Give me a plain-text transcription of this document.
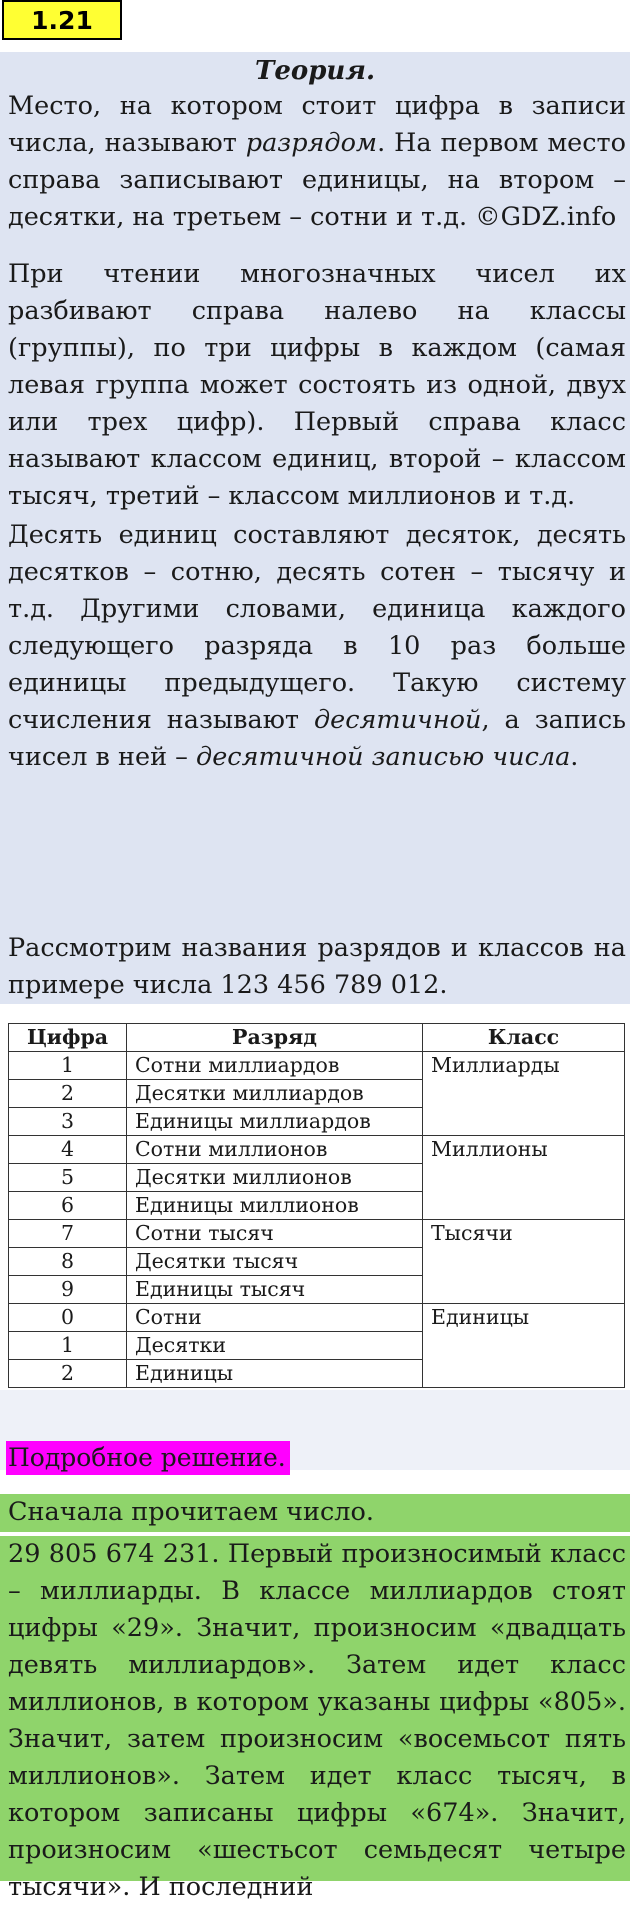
1.21
Теория.

Место, на котором стоит цифра в записи числа, называют разрядом. На первом место справа записывают единицы, на втором – десятки, на третьем – сотни и т.д. ©GDZ.info

При чтении многозначных чисел их разбивают справа налево на классы (группы), по три цифры в каждом (самая левая группа может состоять из одной, двух или трех цифр). Первый справа класс называют классом единиц, второй – классом тысяч, третий – классом миллионов и т.д.

Десять единиц составляют десяток, десять десятков – сотню, десять сотен – тысячу и т.д. Другими словами, единица каждого следующего разряда в 10 раз больше единицы предыдущего. Такую систему счисления называют десятичной, а запись чисел в ней – десятичной записью числа.

Рассмотрим названия разрядов и классов на примере числа 123 456 789 012.

Цифра	Разряд	Класс
1	Сотни миллиардов	Миллиарды
2	Десятки миллиардов	
3	Единицы миллиардов	
4	Сотни миллионов	Миллионы
5	Десятки миллионов	
6	Единицы миллионов	
7	Сотни тысяч	Тысячи
8	Десятки тысяч	
9	Единицы тысяч	
0	Сотни	Единицы
1	Десятки	
2	Единицы	
Подробное решение.

Сначала прочитаем число.

29 805 674 231. Первый произносимый класс – миллиарды. В классе миллиардов стоят цифры «29». Значит, произносим «двадцать девять миллиардов». Затем идет класс миллионов, в котором указаны цифры «805». Значит, затем произносим «восемьсот пять миллионов». Затем идет класс тысяч, в котором записаны цифры «674». Значит, произносим «шестьсот семьдесят четыре тысячи». И последний
